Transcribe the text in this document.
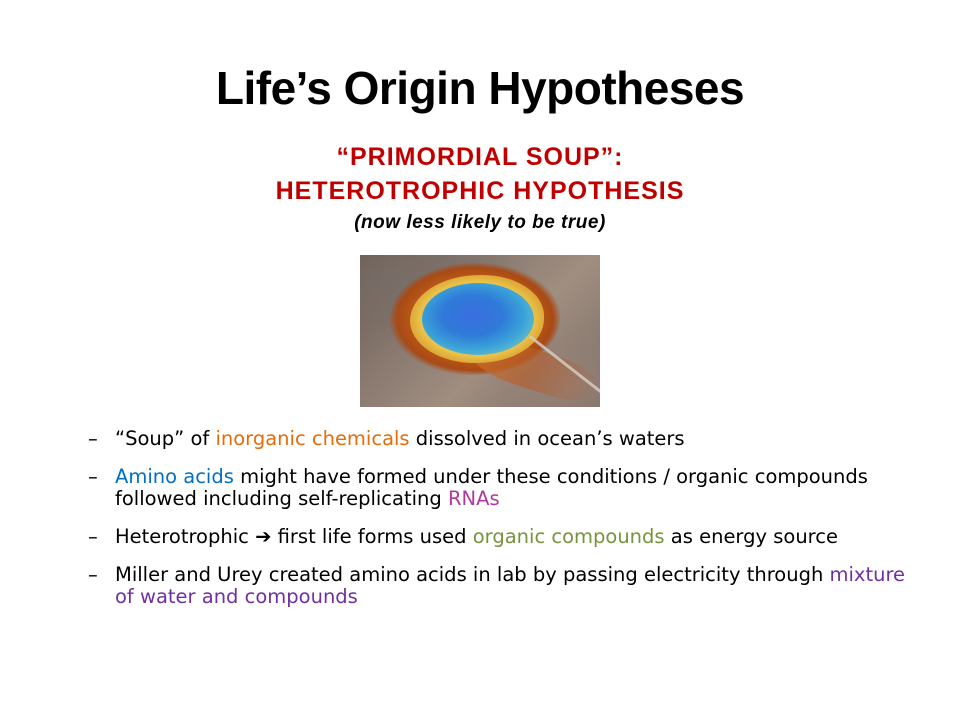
Life’s Origin Hypotheses
“PRIMORDIAL SOUP”:
HETEROTROPHIC HYPOTHESIS
(now less likely to be true)
– “Soup” of inorganic chemicals dissolved in ocean’s waters
– Amino acids might have formed under these conditions / organic compounds followed including self-replicating RNAs
– Heterotrophic ➔ first life forms used organic compounds as energy source
– Miller and Urey created amino acids in lab by passing electricity through mixture of water and compounds
